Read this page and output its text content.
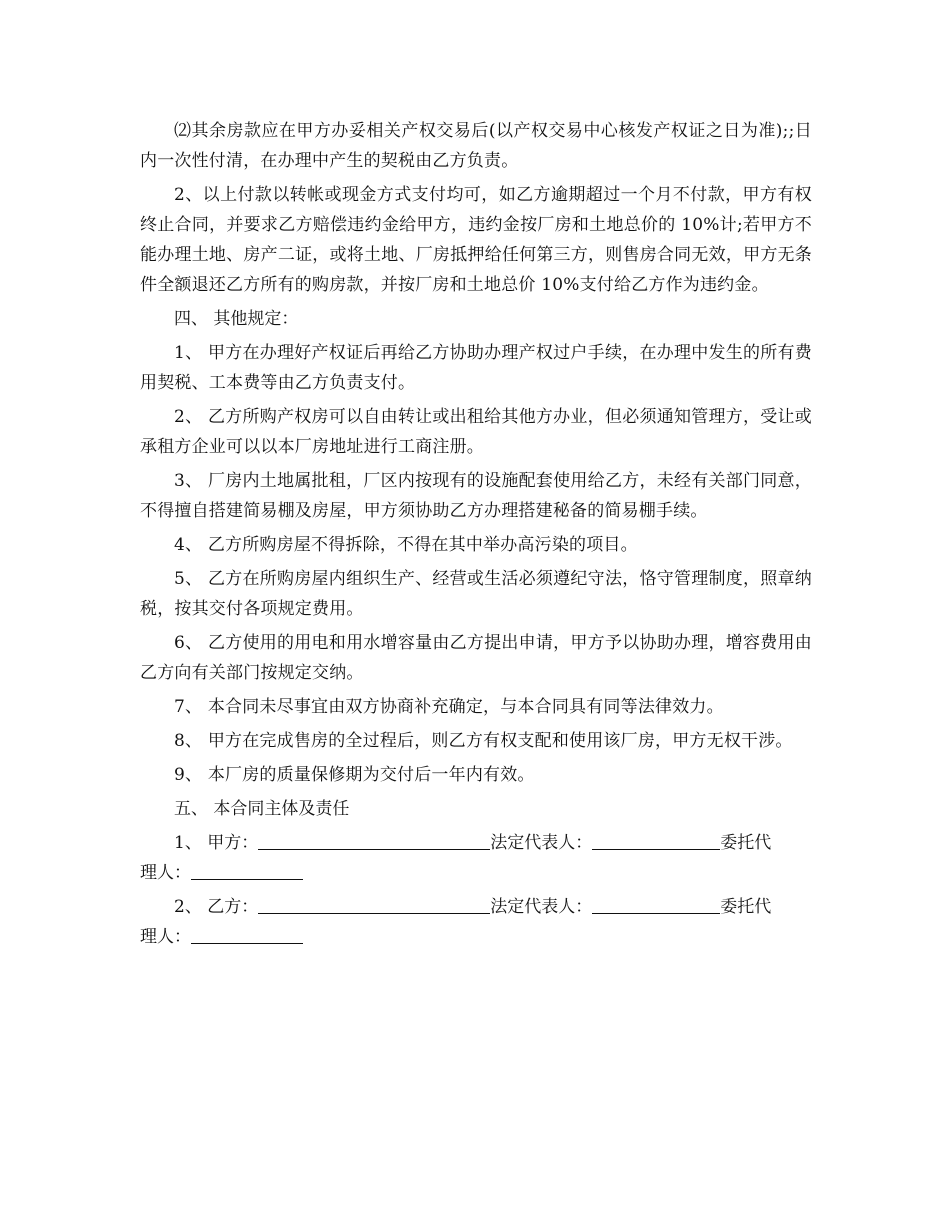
⑵其余房款应在甲方办妥相关产权交易后(以产权交易中心核发产权证之日为准);;日内一次性付清，在办理中产生的契税由乙方负责。

2、以上付款以转帐或现金方式支付均可，如乙方逾期超过一个月不付款，甲方有权终止合同，并要求乙方赔偿违约金给甲方，违约金按厂房和土地总价的 10%计;若甲方不能办理土地、房产二证，或将土地、厂房抵押给任何第三方，则售房合同无效，甲方无条件全额退还乙方所有的购房款，并按厂房和土地总价 10%支付给乙方作为违约金。

四、 其他规定：

1、 甲方在办理好产权证后再给乙方协助办理产权过户手续，在办理中发生的所有费用契税、工本费等由乙方负责支付。

2、 乙方所购产权房可以自由转让或出租给其他方办业，但必须通知管理方，受让或承租方企业可以以本厂房地址进行工商注册。

3、 厂房内土地属批租，厂区内按现有的设施配套使用给乙方，未经有关部门同意，不得擅自搭建简易棚及房屋，甲方须协助乙方办理搭建秘备的简易棚手续。

4、 乙方所购房屋不得拆除，不得在其中举办高污染的项目。

5、 乙方在所购房屋内组织生产、经营或生活必须遵纪守法，恪守管理制度，照章纳税，按其交付各项规定费用。

6、 乙方使用的用电和用水增容量由乙方提出申请，甲方予以协助办理，增容费用由乙方向有关部门按规定交纳。

7、 本合同未尽事宜由双方协商补充确定，与本合同具有同等法律效力。

8、 甲方在完成售房的全过程后，则乙方有权支配和使用该厂房，甲方无权干涉。

9、 本厂房的质量保修期为交付后一年内有效。

五、 本合同主体及责任

1、 甲方：	法定代表人：	委托代

理人：

2、 乙方：	法定代表人：	委托代

理人：
